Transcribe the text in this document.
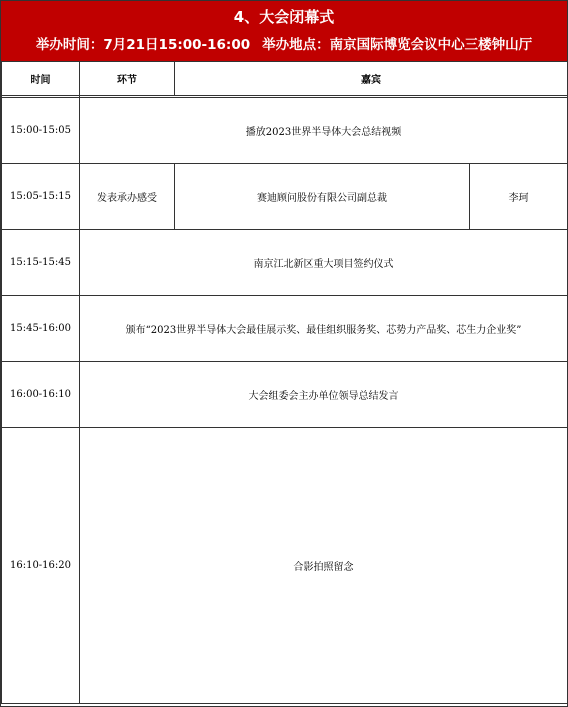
4、大会闭幕式
举办时间：7月21日15:00-16:00 举办地点：南京国际博览会议中心三楼钟山厅
时间	环节	嘉宾	

15:00-15:05	播放2023世界半导体大会总结视频		
15:05-15:15	发表承办感受	赛迪顾问股份有限公司副总裁	李珂
15:15-15:45	南京江北新区重大项目签约仪式		
15:45-16:00	颁布“2023世界半导体大会最佳展示奖、最佳组织服务奖、芯势力产品奖、芯生力企业奖”		
16:00-16:10	大会组委会主办单位领导总结发言		
16:10-16:20	合影拍照留念		
